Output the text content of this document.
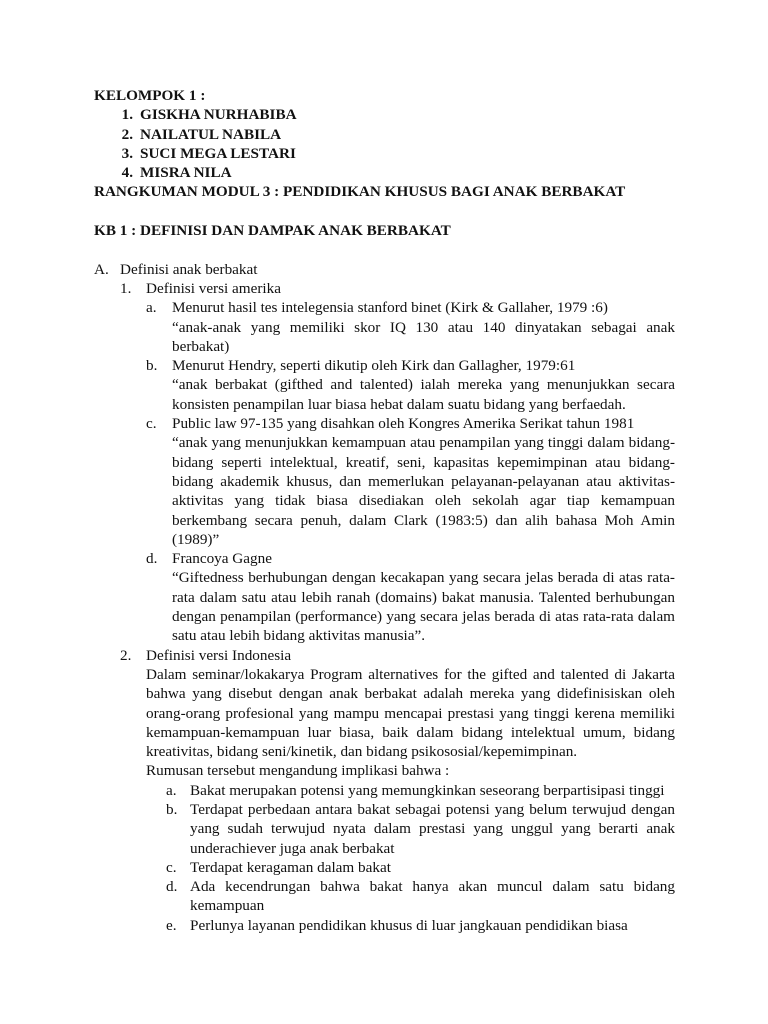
KELOMPOK 1 :

1. GISKHA NURHABIBA
2. NAILATUL NABILA
3. SUCI MEGA LESTARI
4. MISRA NILA

RANGKUMAN MODUL 3 : PENDIDIKAN KHUSUS BAGI ANAK BERBAKAT

KB 1 : DEFINISI DAN DAMPAK ANAK BERBAKAT

A. Definisi anak berbakat
1. Definisi versi amerika
a.	Menurut hasil tes intelegensia stanford binet (Kirk & Gallaher, 1979 :6)
“anak-anak yang memiliki skor IQ 130 atau 140 dinyatakan sebagai anak berbakat)
b. Menurut Hendry, seperti dikutip oleh Kirk dan Gallagher, 1979:61
“anak berbakat (gifthed and talented) ialah mereka yang menunjukkan secara konsisten penampilan luar biasa hebat dalam suatu bidang yang berfaedah.
c.	Public law 97-135 yang disahkan oleh Kongres Amerika Serikat tahun 1981
“anak yang menunjukkan kemampuan atau penampilan yang tinggi dalam bidang-bidang seperti intelektual, kreatif, seni, kapasitas kepemimpinan atau bidang-bidang akademik khusus, dan memerlukan pelayanan-pelayanan atau aktivitas-aktivitas yang tidak biasa disediakan oleh sekolah agar tiap kemampuan berkembang secara penuh, dalam Clark (1983:5) dan alih bahasa Moh Amin (1989)”
d. Francoya Gagne
“Giftedness berhubungan dengan kecakapan yang secara jelas berada di atas rata-rata dalam satu atau lebih ranah (domains) bakat manusia. Talented berhubungan dengan penampilan (performance) yang secara jelas berada di atas rata-rata dalam satu atau lebih bidang aktivitas manusia”.
2. Definisi versi Indonesia
Dalam seminar/lokakarya Program alternatives for the gifted and talented di Jakarta bahwa yang disebut dengan anak berbakat adalah mereka yang didefinisiskan oleh orang-orang profesional yang mampu mencapai prestasi yang tinggi kerena memiliki kemampuan-kemampuan luar biasa, baik dalam bidang intelektual umum, bidang kreativitas, bidang seni/kinetik, dan bidang psikososial/kepemimpinan.
Rumusan tersebut mengandung implikasi bahwa :
a. Bakat merupakan potensi yang memungkinkan seseorang berpartisipasi tinggi
b. Terdapat perbedaan antara bakat sebagai potensi yang belum terwujud dengan yang sudah terwujud nyata dalam prestasi yang unggul yang berarti anak underachiever juga anak berbakat
c. Terdapat keragaman dalam bakat
d. Ada kecendrungan bahwa bakat hanya akan muncul dalam satu bidang kemampuan
e. Perlunya layanan pendidikan khusus di luar jangkauan pendidikan biasa
